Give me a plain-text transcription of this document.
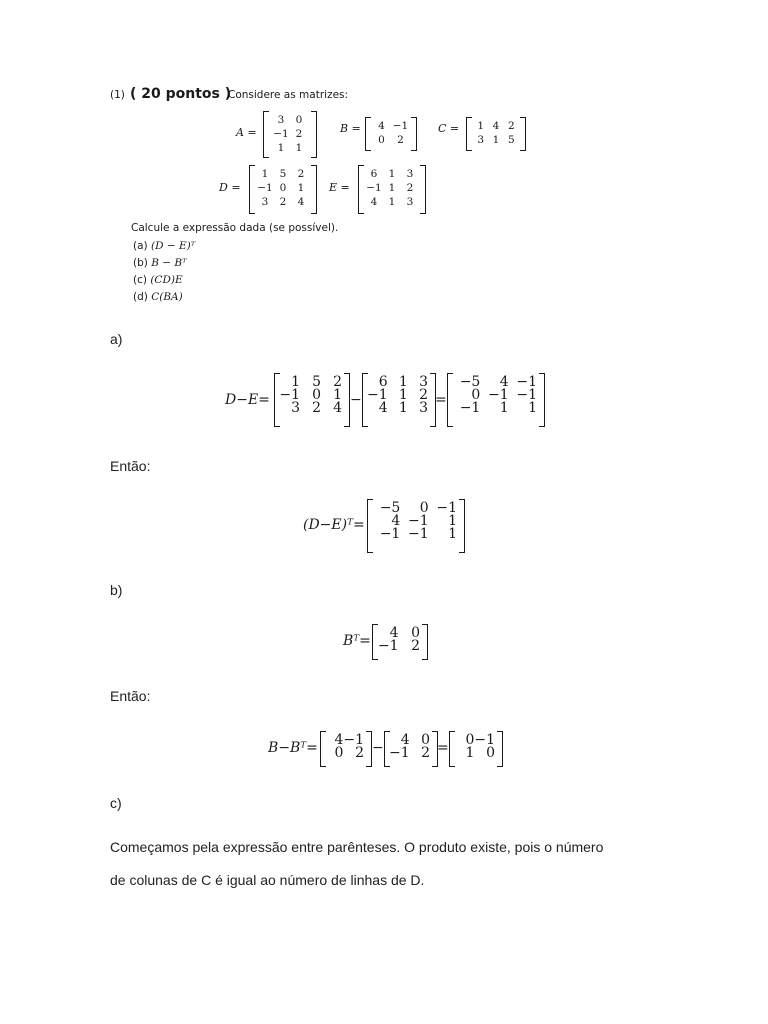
(1) ( 20 pontos )
Considere as matrizes:
A =
3	0
−1 2
1	1
B =	4 −1
0	2
C =	1 4 2
3 1 5
D =
1	5	2
−1 0	1
3	2	4
E =
6	1	3
−1 1	2
4	1	3
Calcule a expressão dada (se possível).
(a) (D − E)ᵀ
(b) B − Bᵀ
(c) (CD)E
(d) C(BA)
a)
D−E=
1 5 2
−1 0 1
3 2 4 −
6 1 3
−1 1 2
4 1 3 =
−5	4 −1
0 −1 −1
−1	1	1
Então:
(D−E)ᵀ=
−5	0 −1
4 −1	1
−1 −1	1
b)
Bᵀ=	4 0
−1 2
Então:
B−Bᵀ=	4 −1
0 2 −	4 0
−1 2 =	0 −1
1 0
c)
Começamos pela expressão entre parênteses. O produto existe, pois o número
de colunas de C é igual ao número de linhas de D.
